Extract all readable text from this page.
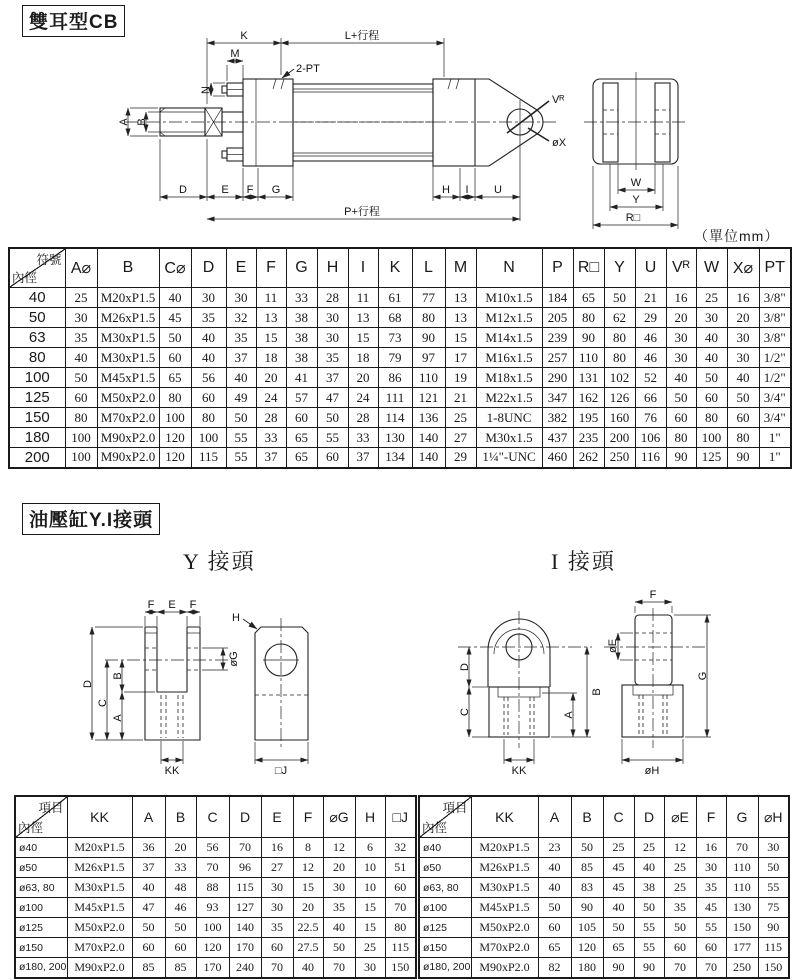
K	L+行程
M
2-PT
N
A B
D	E F G	H I U
P+行程
Vᴿ
øX
W
Y
R□
雙耳型CB
（單位mm）
符號
內徑	A⌀	B	C⌀	D	E	F	G	H	I	K	L	M	N	P	R□	Y	U	Vᴿ	W	X⌀	PT
40	25	M20xP1.5	40	30	30	11	33	28	11	61	77	13	M10x1.5	184	65	50	21	16	25	16	3/8"
50	30	M26xP1.5	45	35	32	13	38	30	13	68	80	13	M12x1.5	205	80	62	29	20	30	20	3/8"
63	35	M30xP1.5	50	40	35	15	38	30	15	73	90	15	M14x1.5	239	90	80	46	30	40	30	3/8"
80	40	M30xP1.5	60	40	37	18	38	35	18	79	97	17	M16x1.5	257	110	80	46	30	40	30	1/2"
100	50	M45xP1.5	65	56	40	20	41	37	20	86	110	19	M18x1.5	290	131	102	52	40	50	40	1/2"
125	60	M50xP2.0	80	60	49	24	57	47	24	111	121	21	M22x1.5	347	162	126	66	50	60	50	3/4"
150	80	M70xP2.0	100	80	50	28	60	50	28	114	136	25	1-8UNC	382	195	160	76	60	80	60	3/4"
180	100	M90xP2.0	120	100	55	33	65	55	33	130	140	27	M30x1.5	437	235	200	106	80	100	80	1"
200	100	M90xP2.0	120	115	55	37	65	60	37	134	140	29	1¼"-UNC	460	262	250	116	90	125	90	1"
油壓缸Y.I接頭
Y 接頭	I 接頭
F E F
D
C
B
A
øG
KK
H
□J
D
C
B
A
KK
øE
F
G
øH
項目
內徑	KK	A	B	C	D	E	F	⌀G	H	□J
ø40	M20xP1.5	36	20	56	70	16	8	12	6	32
ø50	M26xP1.5	37	33	70	96	27	12	20	10	51
ø63, 80	M30xP1.5	40	48	88	115	30	15	30	10	60
ø100	M45xP1.5	47	46	93	127	30	20	35	15	70
ø125	M50xP2.0	50	50	100	140	35	22.5	40	15	80
ø150	M70xP2.0	60	60	120	170	60	27.5	50	25	115
ø180, 200	M90xP2.0	85	85	170	240	70	40	70	30	150
項目
內徑	KK	A	B	C	D	⌀E	F	G	⌀H
ø40	M20xP1.5	23	50	25	25	12	16	70	30
ø50	M26xP1.5	40	85	45	40	25	30	110	50
ø63, 80	M30xP1.5	40	83	45	38	25	35	110	55
ø100	M45xP1.5	50	90	40	50	35	45	130	75
ø125	M50xP2.0	60	105	50	55	50	55	150	90
ø150	M70xP2.0	65	120	65	55	60	60	177	115
ø180, 200	M90xP2.0	82	180	90	90	70	70	250	150
